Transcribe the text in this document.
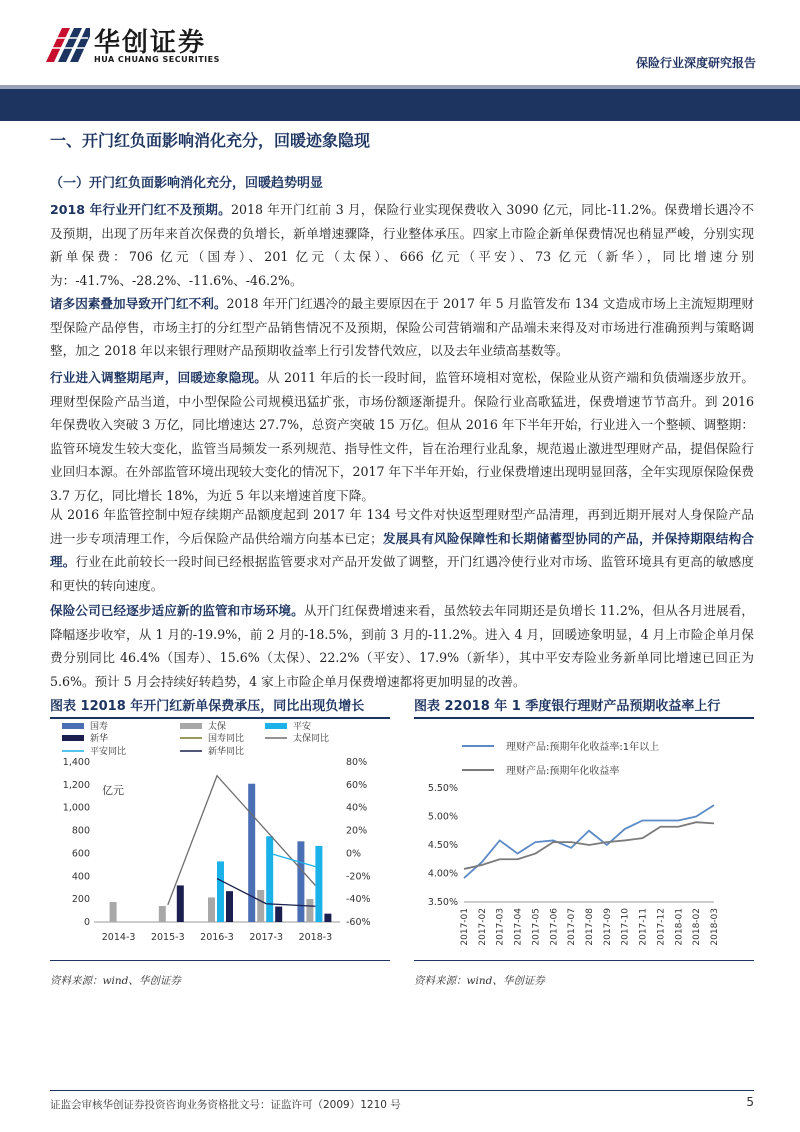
华创证券
HUA CHUANG SECURITIES	保险行业深度研究报告
一、开门红负面影响消化充分，回暖迹象隐现
（一）开门红负面影响消化充分，回暖趋势明显
2018 年行业开门红不及预期。2018 年开门红前 3 月，保险行业实现保费收入 3090 亿元，同比-11.2%。保费增长遇冷不及预期，出现了历年来首次保费的负增长，新单增速骤降，行业整体承压。四家上市险企新单保费情况也稍显严峻，分别实现新单保费：706 亿元（国寿）、201 亿元（太保）、666 亿元（平安）、73 亿元（新华），同比增速分别为：-41.7%、-28.2%、-11.6%、-46.2%。
诸多因素叠加导致开门红不利。2018 年开门红遇冷的最主要原因在于 2017 年 5 月监管发布 134 文造成市场上主流短期理财型保险产品停售，市场主打的分红型产品销售情况不及预期，保险公司营销端和产品端未来得及对市场进行准确预判与策略调整，加之 2018 年以来银行理财产品预期收益率上行引发替代效应，以及去年业绩高基数等。
行业进入调整期尾声，回暖迹象隐现。从 2011 年后的长一段时间，监管环境相对宽松，保险业从资产端和负债端逐步放开。理财型保险产品当道，中小型保险公司规模迅猛扩张，市场份额逐渐提升。保险行业高歌猛进，保费增速节节高升。到 2016 年保费收入突破 3 万亿，同比增速达 27.7%，总资产突破 15 万亿。但从 2016 年下半年开始，行业进入一个整顿、调整期：监管环境发生较大变化，监管当局频发一系列规范、指导性文件，旨在治理行业乱象，规范遏止激进型理财产品，提倡保险行业回归本源。在外部监管环境出现较大变化的情况下，2017 年下半年开始，行业保费增速出现明显回落，全年实现原保险保费 3.7 万亿，同比增长 18%，为近 5 年以来增速首度下降。
从 2016 年监管控制中短存续期产品额度起到 2017 年 134 号文件对快返型理财型产品清理，再到近期开展对人身保险产品进一步专项清理工作，今后保险产品供给端方向基本已定；发展具有风险保障性和长期储蓄型协同的产品，并保持期限结构合理。行业在此前较长一段时间已经根据监管要求对产品开发做了调整，开门红遇冷使行业对市场、监管环境具有更高的敏感度和更快的转向速度。
保险公司已经逐步适应新的监管和市场环境。从开门红保费增速来看，虽然较去年同期还是负增长 11.2%，但从各月进展看，降幅逐步收窄，从 1 月的-19.9%，前 2 月的-18.5%，到前 3 月的-11.2%。进入 4 月，回暖迹象明显，4 月上市险企单月保费分别同比 46.4%（国寿）、15.6%（太保）、22.2%（平安）、17.9%（新华），其中平安寿险业务新单同比增速已回正为 5.6%。预计 5 月会持续好转趋势，4 家上市险企单月保费增速都将更加明显的改善。
图表 12018 年开门红新单保费承压，同比出现负增长	图表 22018 年 1 季度银行理财产品预期收益率上行
国寿	太保	平安
新华	国寿同比	太保同比
平安同比	新华同比
0
200
400
600
800
1,000
1,200
1,400
-60%
-40%
-20%
0%
20%
40%
60%
80%
亿元
2014-3 2015-3 2016-3 2017-3 2018-3
理财产品:预期年化收益率:1年以上
理财产品:预期年化收益率
3.50%
4.00%
4.50%
5.00%
5.50%
2017-01 2017-02 2017-03 2017-04 2017-05 2017-06 2017-07 2017-08 2017-09 2017-10 2017-11 2017-12 2018-01 2018-02 2018-03
资料来源：wind、华创证券	资料来源：wind、华创证券
证监会审核华创证券投资咨询业务资格批文号：证监许可（2009）1210 号	5
